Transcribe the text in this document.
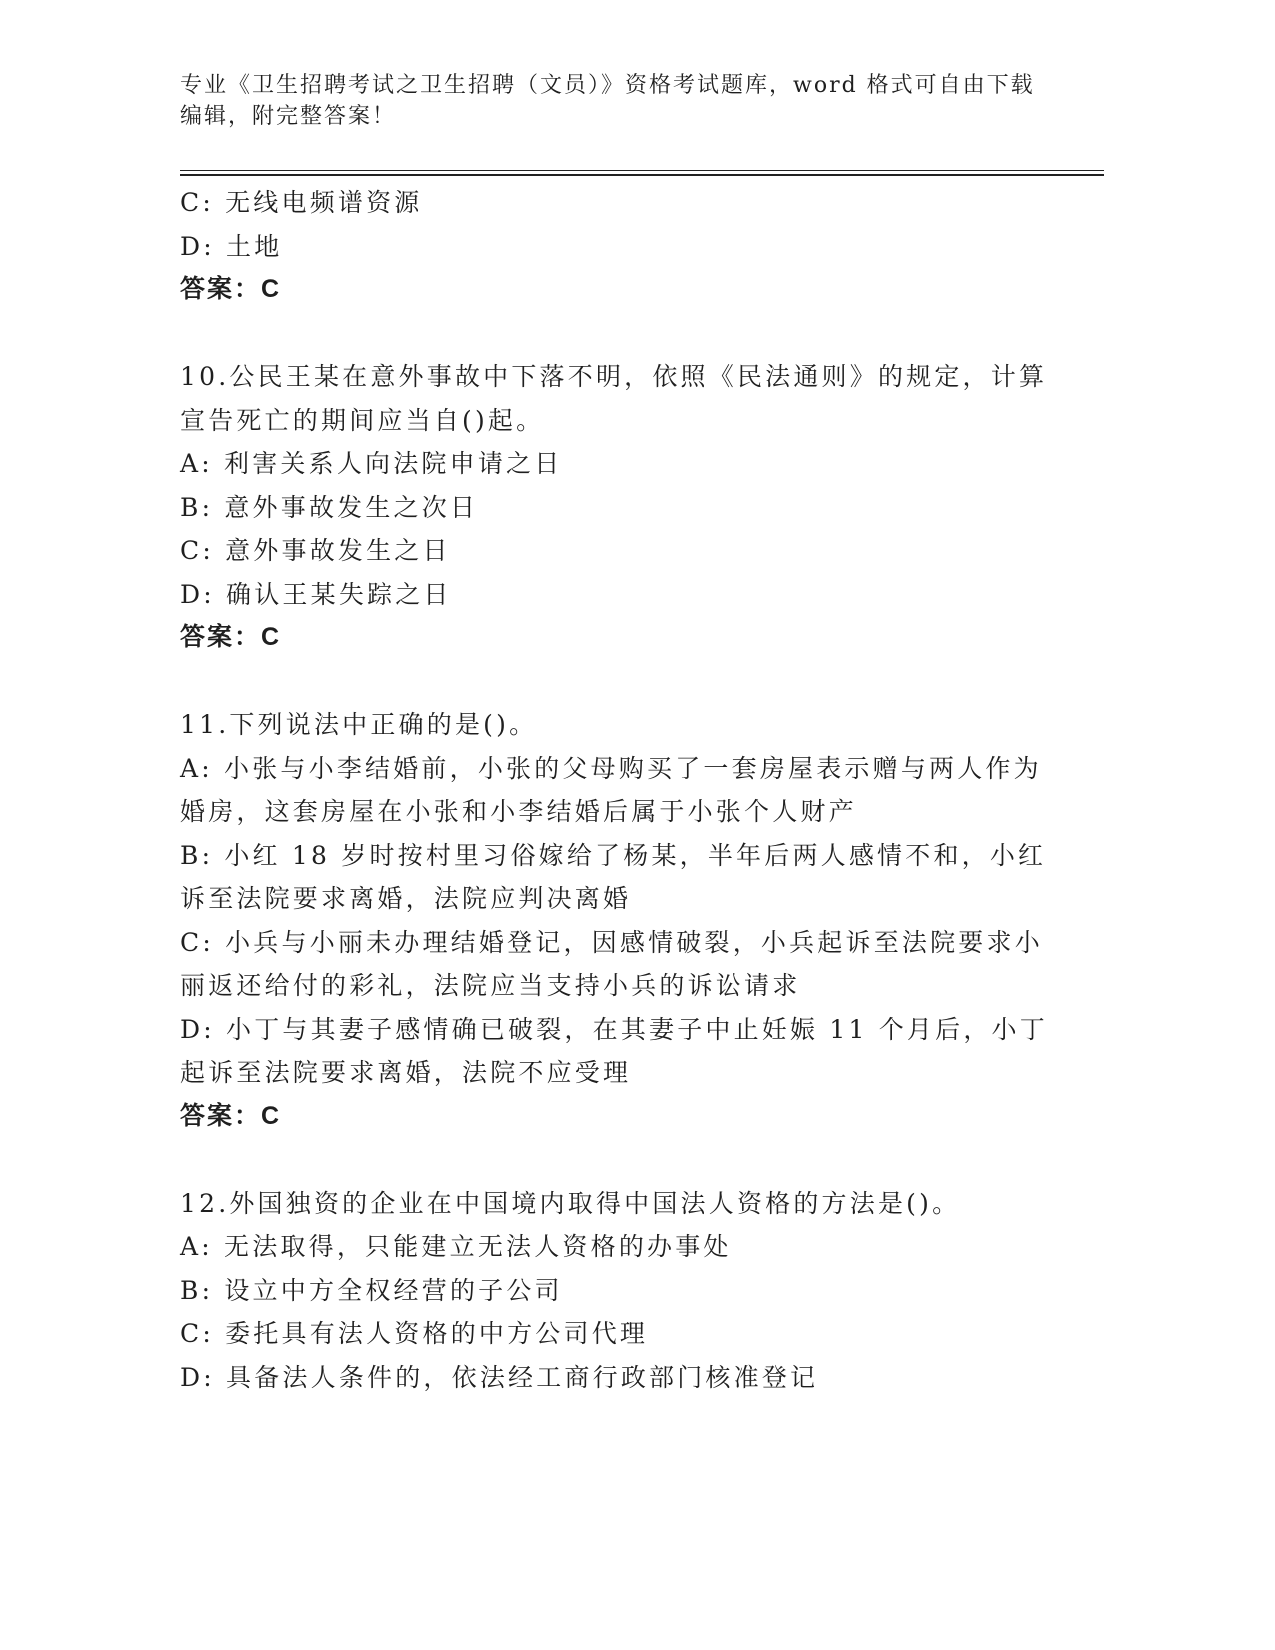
专业《卫生招聘考试之卫生招聘（文员）》资格考试题库，word 格式可自由下载
编辑，附完整答案！
C: 无线电频谱资源
D: 土地
答案：C
10.公民王某在意外事故中下落不明，依照《民法通则》的规定，计算
宣告死亡的期间应当自()起。
A: 利害关系人向法院申请之日
B: 意外事故发生之次日
C: 意外事故发生之日
D: 确认王某失踪之日
答案：C
11.下列说法中正确的是()。
A: 小张与小李结婚前，小张的父母购买了一套房屋表示赠与两人作为
婚房，这套房屋在小张和小李结婚后属于小张个人财产
B: 小红 18 岁时按村里习俗嫁给了杨某，半年后两人感情不和，小红
诉至法院要求离婚，法院应判决离婚
C: 小兵与小丽未办理结婚登记，因感情破裂，小兵起诉至法院要求小
丽返还给付的彩礼，法院应当支持小兵的诉讼请求
D: 小丁与其妻子感情确已破裂，在其妻子中止妊娠 11 个月后，小丁
起诉至法院要求离婚，法院不应受理
答案：C
12.外国独资的企业在中国境内取得中国法人资格的方法是()。
A: 无法取得，只能建立无法人资格的办事处
B: 设立中方全权经营的子公司
C: 委托具有法人资格的中方公司代理
D: 具备法人条件的，依法经工商行政部门核准登记
